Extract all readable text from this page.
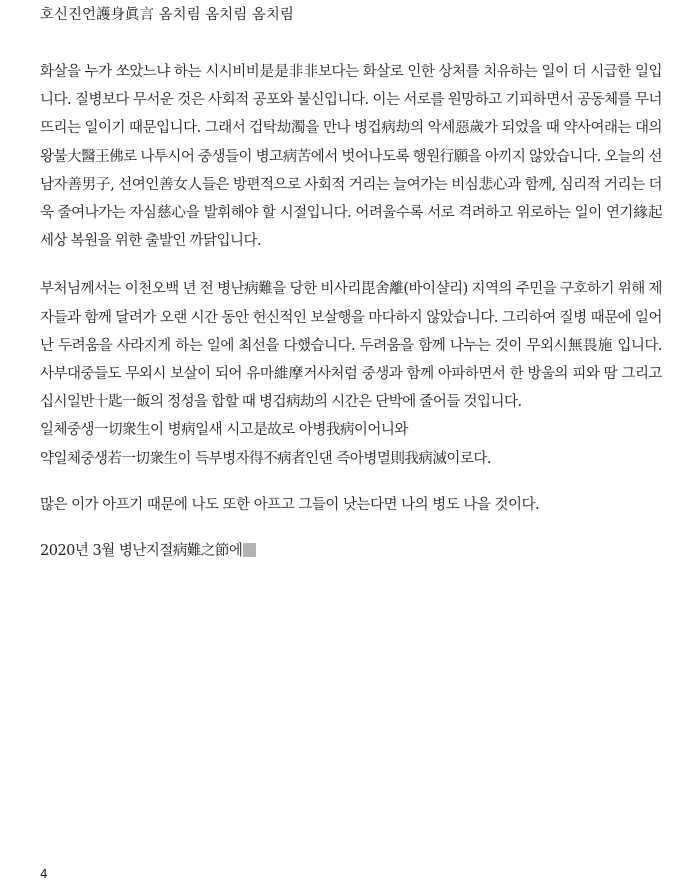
호신진언護身眞言 옴치림 옴치림 옴치림

화살을 누가 쏘았느냐 하는 시시비비是是非非보다는 화살로 인한 상처를 치유하는 일이 더 시급한 일입니다. 질병보다 무서운 것은 사회적 공포와 불신입니다. 이는 서로를 원망하고 기피하면서 공동체를 무너뜨리는 일이기 때문입니다. 그래서 겁탁劫濁을 만나 병겁病劫의 악세惡歲가 되었을 때 약사여래는 대의왕불大醫王佛로 나투시어 중생들이 병고病苦에서 벗어나도록 행원行願을 아끼지 않았습니다. 오늘의 선남자善男子, 선여인善女人들은 방편적으로 사회적 거리는 늘여가는 비심悲心과 함께, 심리적 거리는 더욱 줄여나가는 자심慈心을 발휘해야 할 시절입니다. 어려울수록 서로 격려하고 위로하는 일이 연기緣起세상 복원을 위한 출발인 까닭입니다.

부처님께서는 이천오백 년 전 병난病難을 당한 비사리毘舍離(바이샬리) 지역의 주민을 구호하기 위해 제자들과 함께 달려가 오랜 시간 동안 헌신적인 보살행을 마다하지 않았습니다. 그리하여 질병 때문에 일어난 두려움을 사라지게 하는 일에 최선을 다했습니다. 두려움을 함께 나누는 것이 무외시無畏施 입니다. 사부대중들도 무외시 보살이 되어 유마維摩거사처럼 중생과 함께 아파하면서 한 방울의 피와 땀 그리고 십시일반十匙一飯의 정성을 합할 때 병겁病劫의 시간은 단박에 줄어들 것입니다.

일체중생一切衆生이 병病일새 시고是故로 아병我病이어니와

약일체중생若一切衆生이 득부병자得不病者인댄 즉아병멸則我病滅이로다.

많은 이가 아프기 때문에 나도 또한 아프고 그들이 낫는다면 나의 병도 나을 것이다.

2020년 3월 병난지절病難之節에

4
